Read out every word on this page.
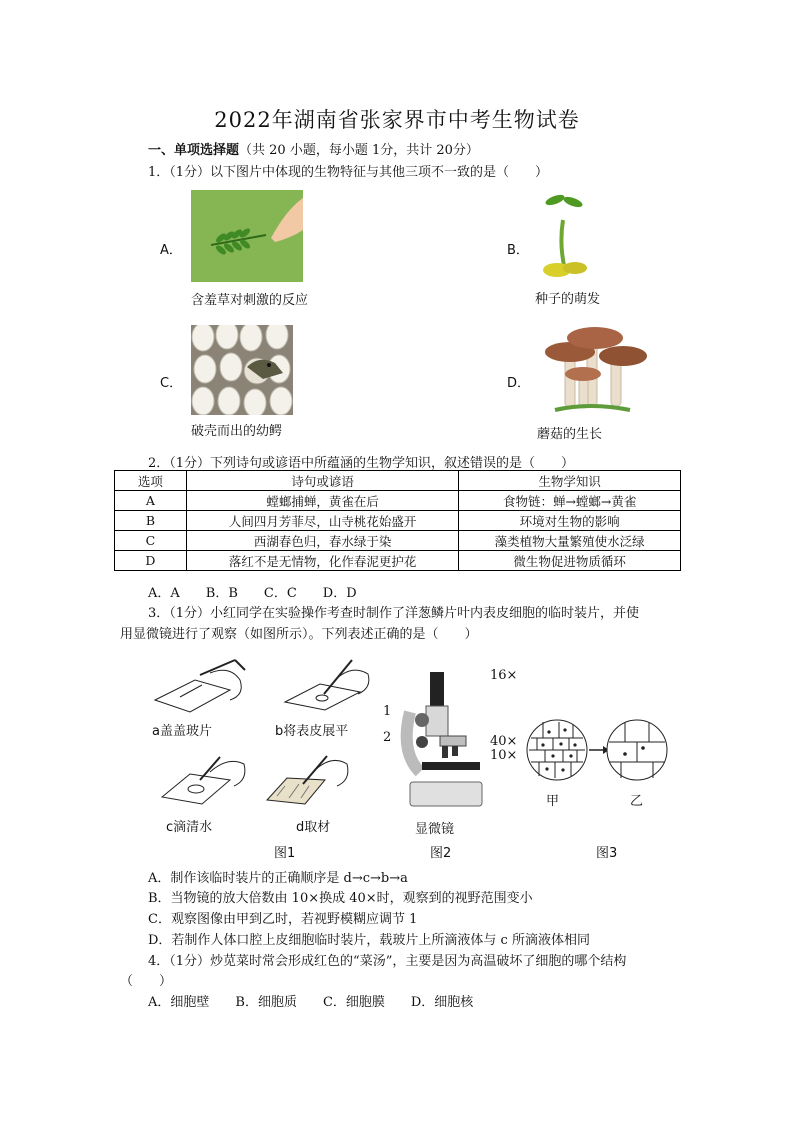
2022年湖南省张家界市中考生物试卷
一、单项选择题（共 20 小题，每小题 1分，共计 20分）
1．（1分）以下图片中体现的生物特征与其他三项不一致的是（　　）
A．
含羞草对刺激的反应
B．
种子的萌发
C．
破壳而出的幼鳄
D．
蘑菇的生长
2．（1分）下列诗句或谚语中所蕴涵的生物学知识，叙述错误的是（　　）
选项	诗句或谚语	生物学知识
A	螳螂捕蝉，黄雀在后	食物链：蝉→螳螂→黄雀
B	人间四月芳菲尽，山寺桃花始盛开	环境对生物的影响
C	西湖春色归，春水绿于染	藻类植物大量繁殖使水泛绿
D	落红不是无情物，化作春泥更护花	微生物促进物质循环
A．A　　B．B　　C．C　　D．D
3．（1分）小红同学在实验操作考查时制作了洋葱鳞片叶内表皮细胞的临时装片，并使
用显微镜进行了观察（如图所示）。下列表述正确的是（　　）
a盖盖玻片	b将表皮展平
c滴清水	d取材
16×
1
2	40×
10×
显微镜
甲	乙
图1	图2	图3
A．制作该临时装片的正确顺序是 d→c→b→a
B．当物镜的放大倍数由 10×换成 40×时，观察到的视野范围变小
C．观察图像由甲到乙时，若视野模糊应调节 1
D．若制作人体口腔上皮细胞临时装片，载玻片上所滴液体与 c 所滴液体相同
4．（1分）炒苋菜时常会形成红色的“菜汤”，主要是因为高温破坏了细胞的哪个结构
（　　）
A．细胞壁　　B．细胞质　　C．细胞膜　　D．细胞核
